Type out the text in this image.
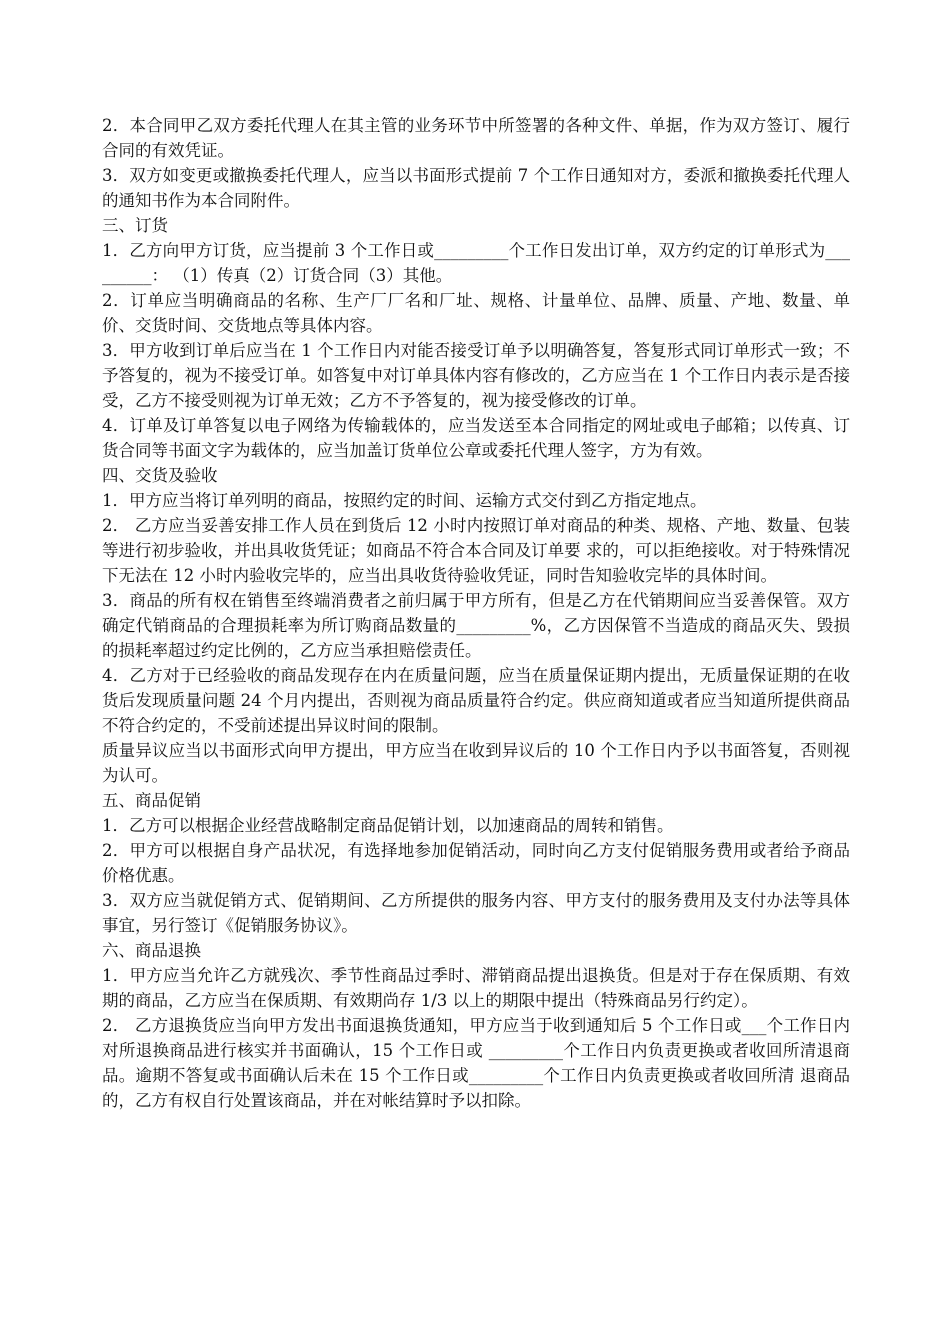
2．本合同甲乙双方委托代理人在其主管的业务环节中所签署的各种文件、单据，作为双方签订、履行合同的有效凭证。

3．双方如变更或撤换委托代理人，应当以书面形式提前 7 个工作日通知对方，委派和撤换委托代理人的通知书作为本合同附件。

三、订货

1．乙方向甲方订货，应当提前 3 个工作日或_________个工作日发出订单，双方约定的订单形式为_________： （1）传真（2）订货合同（3）其他。

2．订单应当明确商品的名称、生产厂厂名和厂址、规格、计量单位、品牌、质量、产地、数量、单价、交货时间、交货地点等具体内容。

3．甲方收到订单后应当在 1 个工作日内对能否接受订单予以明确答复，答复形式同订单形式一致；不予答复的，视为不接受订单。如答复中对订单具体内容有修改的，乙方应当在 1 个工作日内表示是否接受，乙方不接受则视为订单无效；乙方不予答复的，视为接受修改的订单。

4．订单及订单答复以电子网络为传输载体的，应当发送至本合同指定的网址或电子邮箱；以传真、订货合同等书面文字为载体的，应当加盖订货单位公章或委托代理人签字，方为有效。

四、交货及验收

1．甲方应当将订单列明的商品，按照约定的时间、运输方式交付到乙方指定地点。

2． 乙方应当妥善安排工作人员在到货后 12 小时内按照订单对商品的种类、规格、产地、数量、包装等进行初步验收，并出具收货凭证；如商品不符合本合同及订单要 求的，可以拒绝接收。对于特殊情况下无法在 12 小时内验收完毕的，应当出具收货待验收凭证，同时告知验收完毕的具体时间。

3．商品的所有权在销售至终端消费者之前归属于甲方所有，但是乙方在代销期间应当妥善保管。双方确定代销商品的合理损耗率为所订购商品数量的_________%，乙方因保管不当造成的商品灭失、毁损的损耗率超过约定比例的，乙方应当承担赔偿责任。

4．乙方对于已经验收的商品发现存在内在质量问题，应当在质量保证期内提出，无质量保证期的在收货后发现质量问题 24 个月内提出，否则视为商品质量符合约定。供应商知道或者应当知道所提供商品不符合约定的，不受前述提出异议时间的限制。

质量异议应当以书面形式向甲方提出，甲方应当在收到异议后的 10 个工作日内予以书面答复，否则视为认可。

五、商品促销

1．乙方可以根据企业经营战略制定商品促销计划，以加速商品的周转和销售。

2．甲方可以根据自身产品状况，有选择地参加促销活动，同时向乙方支付促销服务费用或者给予商品价格优惠。

3．双方应当就促销方式、促销期间、乙方所提供的服务内容、甲方支付的服务费用及支付办法等具体事宜，另行签订《促销服务协议》。

六、商品退换

1．甲方应当允许乙方就残次、季节性商品过季时、滞销商品提出退换货。但是对于存在保质期、有效期的商品，乙方应当在保质期、有效期尚存 1/3 以上的期限中提出（特殊商品另行约定）。

2． 乙方退换货应当向甲方发出书面退换货通知，甲方应当于收到通知后 5 个工作日或___个工作日内对所退换商品进行核实并书面确认，15 个工作日或 _________个工作日内负责更换或者收回所清退商品。逾期不答复或书面确认后未在 15 个工作日或_________个工作日内负责更换或者收回所清 退商品的，乙方有权自行处置该商品，并在对帐结算时予以扣除。
